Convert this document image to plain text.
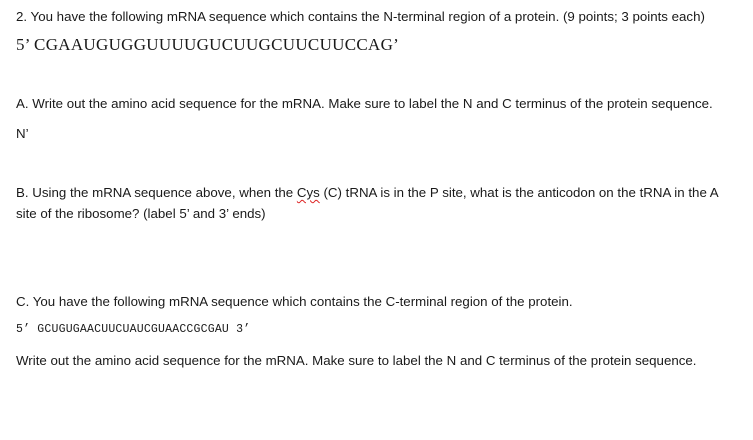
2. You have the following mRNA sequence which contains the N-terminal region of a protein. (9 points; 3 points each)
5’ CGAAUGUGGUUUUGUCUUGCUUCUUCCAG’
A. Write out the amino acid sequence for the mRNA. Make sure to label the N and C terminus of the protein sequence.
N’
B. Using the mRNA sequence above, when the Cys (C) tRNA is in the P site, what is the anticodon on the tRNA in the A
site of the ribosome? (label 5’ and 3’ ends)
C. You have the following mRNA sequence which contains the C-terminal region of the protein.
5’ GCUGUGAACUUCUAUCGUAACCGCGAU 3’
Write out the amino acid sequence for the mRNA. Make sure to label the N and C terminus of the protein sequence.
